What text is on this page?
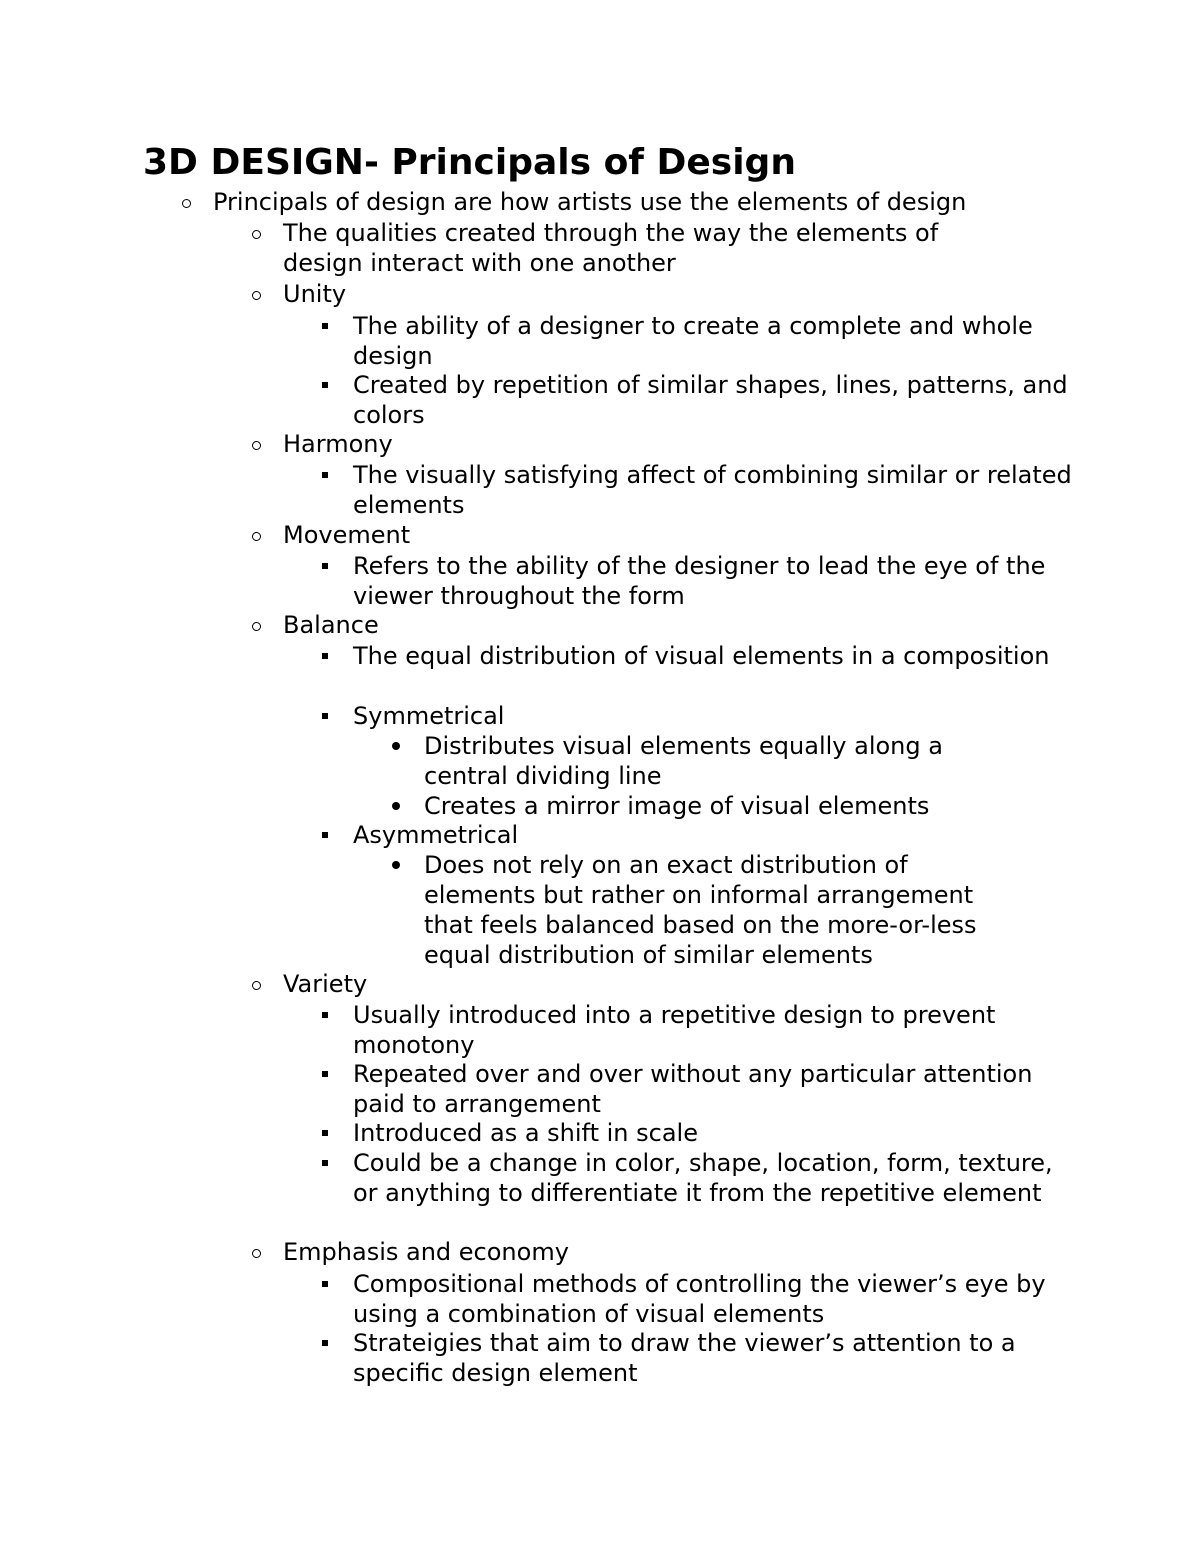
3D DESIGN- Principals of Design
Principals of design are how artists use the elements of design
The qualities created through the way the elements of design interact with one another
Unity
The ability of a designer to create a complete and whole design
Created by repetition of similar shapes, lines, patterns, and colors
Harmony
The visually satisfying affect of combining similar or related elements
Movement
Refers to the ability of the designer to lead the eye of the viewer throughout the form
Balance
The equal distribution of visual elements in a composition
Symmetrical
Distributes visual elements equally along a central dividing line
Creates a mirror image of visual elements
Asymmetrical
Does not rely on an exact distribution of elements but rather on informal arrangement that feels balanced based on the more-or-less equal distribution of similar elements
Variety
Usually introduced into a repetitive design to prevent monotony
Repeated over and over without any particular attention paid to arrangement
Introduced as a shift in scale
Could be a change in color, shape, location, form, texture, or anything to differentiate it from the repetitive element
Emphasis and economy
Compositional methods of controlling the viewer’s eye by using a combination of visual elements
Strateigies that aim to draw the viewer’s attention to a specific design element
